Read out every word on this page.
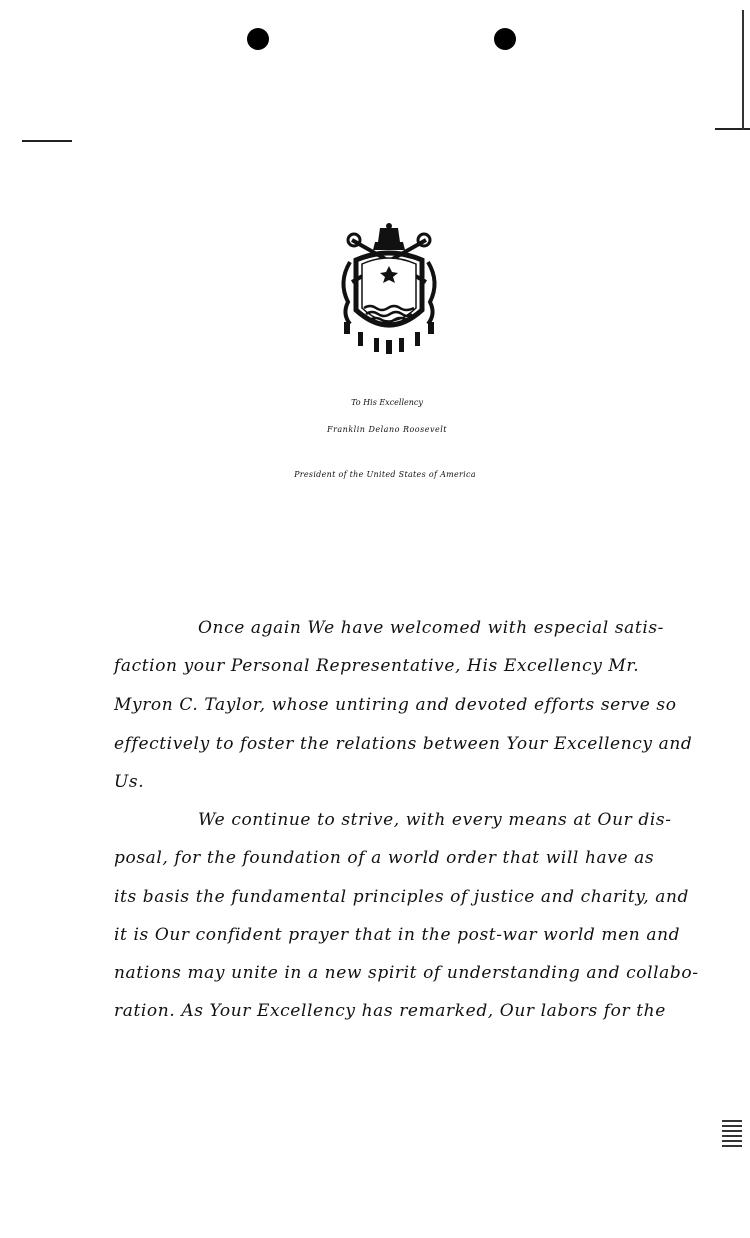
To His Excellency
Franklin Delano Roosevelt
President of the United States of America
Once again We have welcomed with especial satis-
faction your Personal Representative, His Excellency Mr.
Myron C. Taylor, whose untiring and devoted efforts serve so
effectively to foster the relations between Your Excellency and
Us.
We continue to strive, with every means at Our dis-
posal, for the foundation of a world order that will have as
its basis the fundamental principles of justice and charity, and
it is Our confident prayer that in the post-war world men and
nations may unite in a new spirit of understanding and collabo-
ration. As Your Excellency has remarked, Our labors for the
